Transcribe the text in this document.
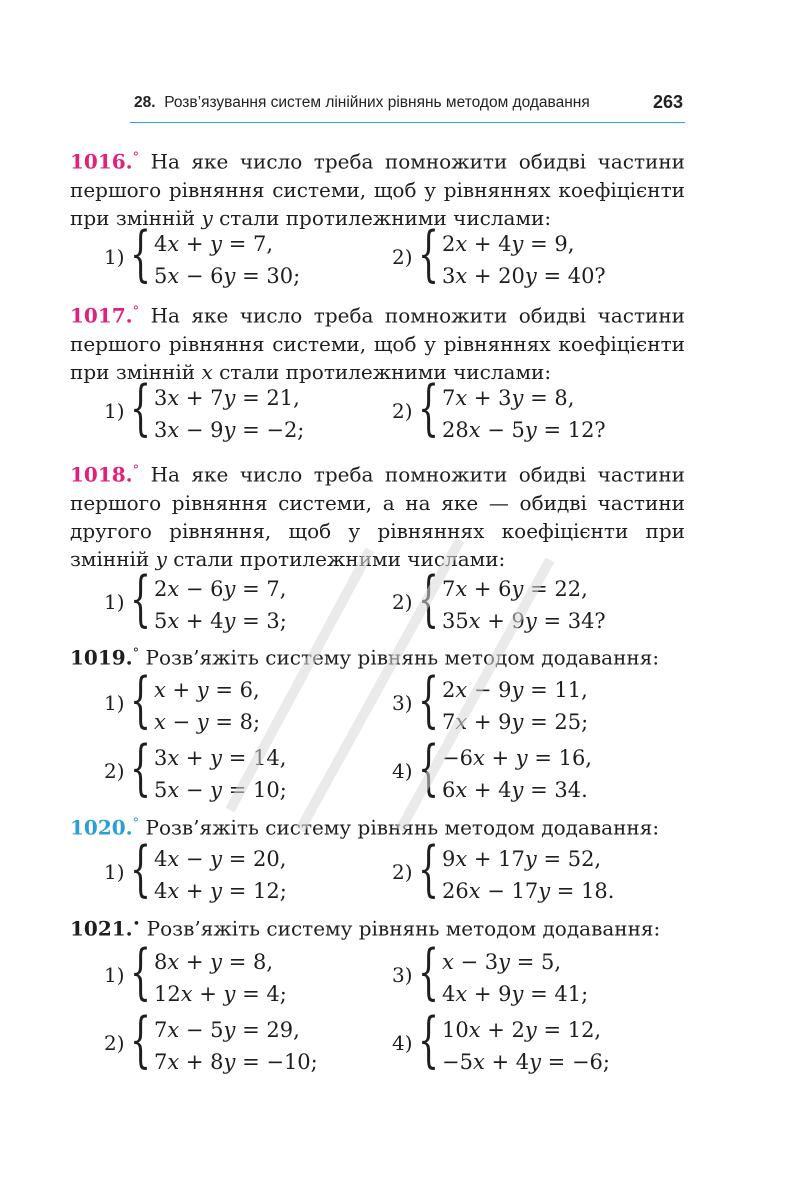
28. Розв’язування систем лінійних рівнянь методом додавання	263
1016.° На яке число треба помножити обидві частини першого рівняння системи, щоб у рівняннях коефіцієнти при змінній y стали протилежними числами:
1) { 4x + y = 7,
5x − 6y = 30;
2) { 2x + 4y = 9,
3x + 20y = 40?
1017.° На яке число треба помножити обидві частини першого рівняння системи, щоб у рівняннях коефіцієнти при змінній x стали протилежними числами:
1) { 3x + 7y = 21,
3x − 9y = −2;
2) { 7x + 3y = 8,
28x − 5y = 12?
1018.° На яке число треба помножити обидві частини першого рівняння системи, а на яке — обидві частини другого рівняння, щоб у рівняннях коефіцієнти при змінній y стали протилежними числами:
1) { 2x − 6y = 7,
5x + 4y = 3;
2) { 7x + 6y = 22,
35x + 9y = 34?
1019.° Розв’яжіть систему рівнянь методом додавання:
1) { x + y = 6,
x − y = 8;
3) { 2x − 9y = 11,
7x + 9y = 25;
2) { 3x + y = 14,
5x − y = 10;
4) { −6x + y = 16,
6x + 4y = 34.
1020.° Розв’яжіть систему рівнянь методом додавання:
1) { 4x − y = 20,
4x + y = 12;
2) { 9x + 17y = 52,
26x − 17y = 18.
1021.• Розв’яжіть систему рівнянь методом додавання:
1) { 8x + y = 8,
12x + y = 4;
3) { x − 3y = 5,
4x + 9y = 41;
2) { 7x − 5y = 29,
7x + 8y = −10;
4) { 10x + 2y = 12,
−5x + 4y = −6;
